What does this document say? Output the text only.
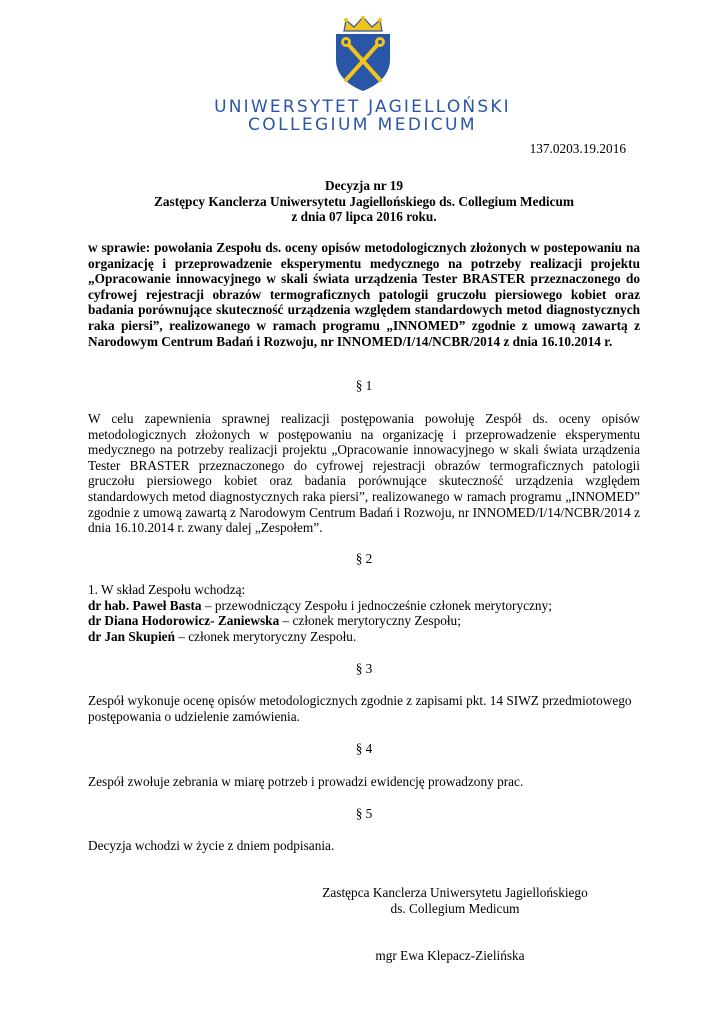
UNIWERSYTET JAGIELLOŃSKI
COLLEGIUM MEDICUM
137.0203.19.2016
Decyzja nr 19
Zastępcy Kanclerza Uniwersytetu Jagiellońskiego ds. Collegium Medicum
z dnia 07 lipca 2016 roku.
w sprawie: powołania Zespołu ds. oceny opisów metodologicznych złożonych w postepowaniu na organizację i przeprowadzenie eksperymentu medycznego na potrzeby realizacji projektu „Opracowanie innowacyjnego w skali świata urządzenia Tester BRASTER przeznaczonego do cyfrowej rejestracji obrazów termograficznych patologii gruczołu piersiowego kobiet oraz badania porównujące skuteczność urządzenia względem standardowych metod diagnostycznych raka piersi”, realizowanego w ramach programu „INNOMED” zgodnie z umową zawartą z Narodowym Centrum Badań i Rozwoju, nr INNOMED/I/14/NCBR/2014 z dnia 16.10.2014 r.
§ 1
W celu zapewnienia sprawnej realizacji postępowania powołuję Zespół ds. oceny opisów metodologicznych złożonych w postępowaniu na organizację i przeprowadzenie eksperymentu medycznego na potrzeby realizacji projektu „Opracowanie innowacyjnego w skali świata urządzenia Tester BRASTER przeznaczonego do cyfrowej rejestracji obrazów termograficznych patologii gruczołu piersiowego kobiet oraz badania porównujące skuteczność urządzenia względem standardowych metod diagnostycznych raka piersi”, realizowanego w ramach programu „INNOMED” zgodnie z umową zawartą z Narodowym Centrum Badań i Rozwoju, nr INNOMED/I/14/NCBR/2014 z dnia 16.10.2014 r. zwany dalej „Zespołem”.
§ 2
1. W skład Zespołu wchodzą:
dr hab. Paweł Basta – przewodniczący Zespołu i jednocześnie członek merytoryczny;
dr Diana Hodorowicz- Zaniewska – członek merytoryczny Zespołu;
dr Jan Skupień – członek merytoryczny Zespołu.
§ 3
Zespół wykonuje ocenę opisów metodologicznych zgodnie z zapisami pkt. 14 SIWZ przedmiotowego postępowania o udzielenie zamówienia.
§ 4
Zespół zwołuje zebrania w miarę potrzeb i prowadzi ewidencję prowadzony prac.
§ 5
Decyzja wchodzi w życie z dniem podpisania.
Zastępca Kanclerza Uniwersytetu Jagiellońskiego
ds. Collegium Medicum
mgr Ewa Klepacz-Zielińska
